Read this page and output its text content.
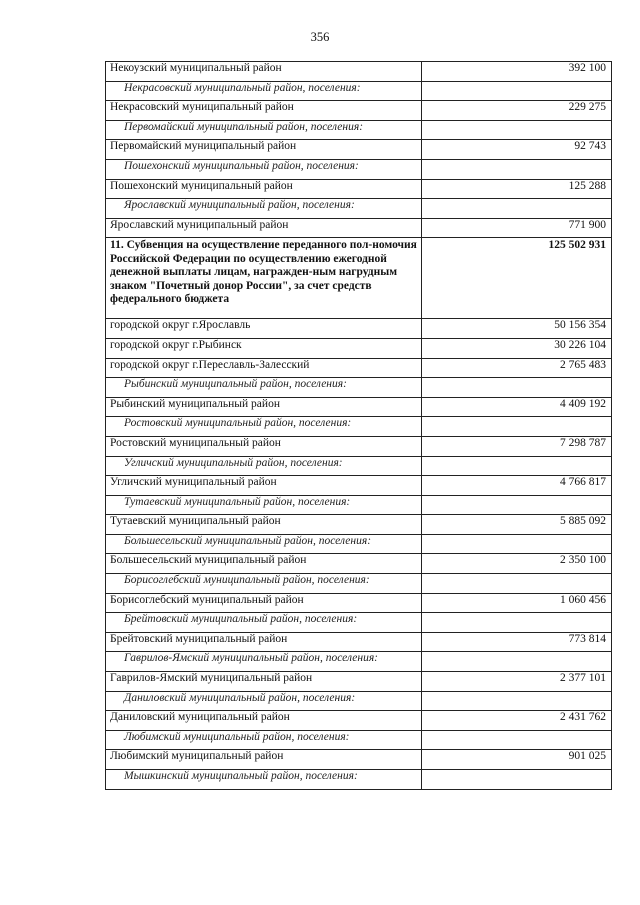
356
Некоузский муниципальный район	392 100
Некрасовский муниципальный район, поселения:	
Некрасовский муниципальный район	229 275
Первомайский муниципальный район, поселения:	
Первомайский муниципальный район	92 743
Пошехонский муниципальный район, поселения:	
Пошехонский муниципальный район	125 288
Ярославский муниципальный район, поселения:	
Ярославский муниципальный район	771 900
11. Субвенция на осуществление переданного пол-номочия Российской Федерации по осуществлению ежегодной денежной выплаты лицам, награжден-ным нагрудным знаком "Почетный донор России", за счет средств федерального бюджета	125 502 931
городской округ г.Ярославль	50 156 354
городской округ г.Рыбинск	30 226 104
городской округ г.Переславль-Залесский	2 765 483
Рыбинский муниципальный район, поселения:	
Рыбинский муниципальный район	4 409 192
Ростовский муниципальный район, поселения:	
Ростовский муниципальный район	7 298 787
Угличский муниципальный район, поселения:	
Угличский муниципальный район	4 766 817
Тутаевский муниципальный район, поселения:	
Тутаевский муниципальный район	5 885 092
Большесельский муниципальный район, поселения:	
Большесельский муниципальный район	2 350 100
Борисоглебский муниципальный район, поселения:	
Борисоглебский муниципальный район	1 060 456
Брейтовский муниципальный район, поселения:	
Брейтовский муниципальный район	773 814
Гаврилов-Ямский муниципальный район, поселения:	
Гаврилов-Ямский муниципальный район	2 377 101
Даниловский муниципальный район, поселения:	
Даниловский муниципальный район	2 431 762
Любимский муниципальный район, поселения:	
Любимский муниципальный район	901 025
Мышкинский муниципальный район, поселения:	
